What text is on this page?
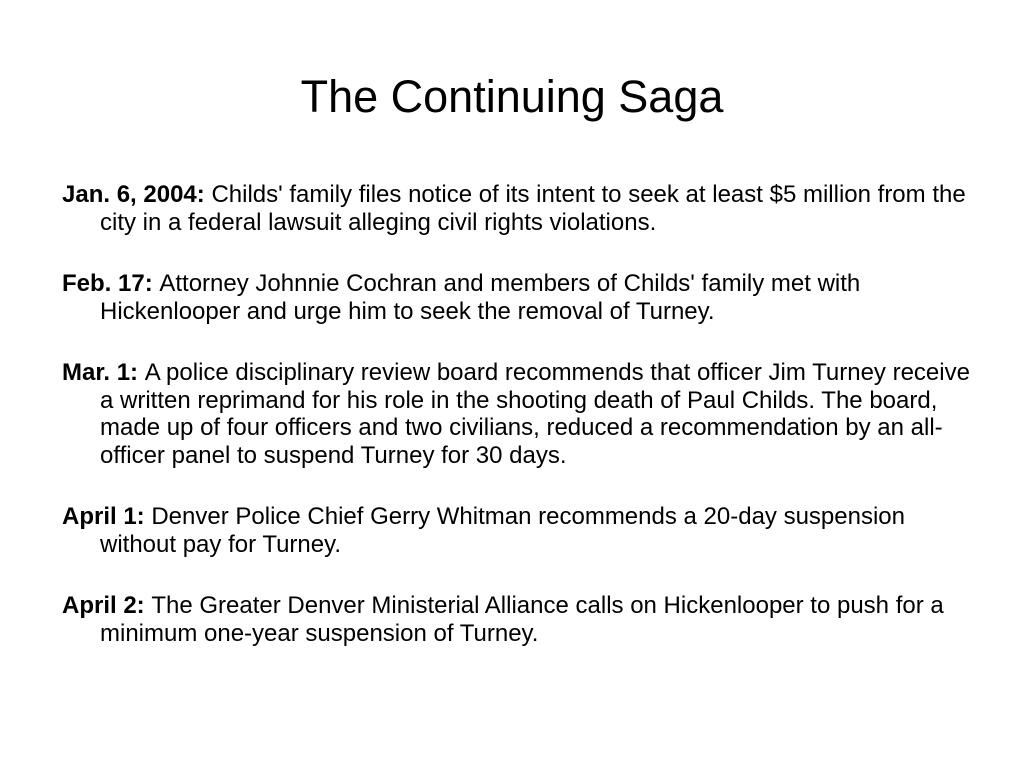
The Continuing Saga
Jan. 6, 2004: Childs' family files notice of its intent to seek at least $5 million from the city in a federal lawsuit alleging civil rights violations.
Feb. 17: Attorney Johnnie Cochran and members of Childs' family met with Hickenlooper and urge him to seek the removal of Turney.
Mar. 1: A police disciplinary review board recommends that officer Jim Turney receive a written reprimand for his role in the shooting death of Paul Childs. The board, made up of four officers and two civilians, reduced a recommendation by an all-officer panel to suspend Turney for 30 days.
April 1: Denver Police Chief Gerry Whitman recommends a 20-day suspension without pay for Turney.
April 2: The Greater Denver Ministerial Alliance calls on Hickenlooper to push for a minimum one-year suspension of Turney.
